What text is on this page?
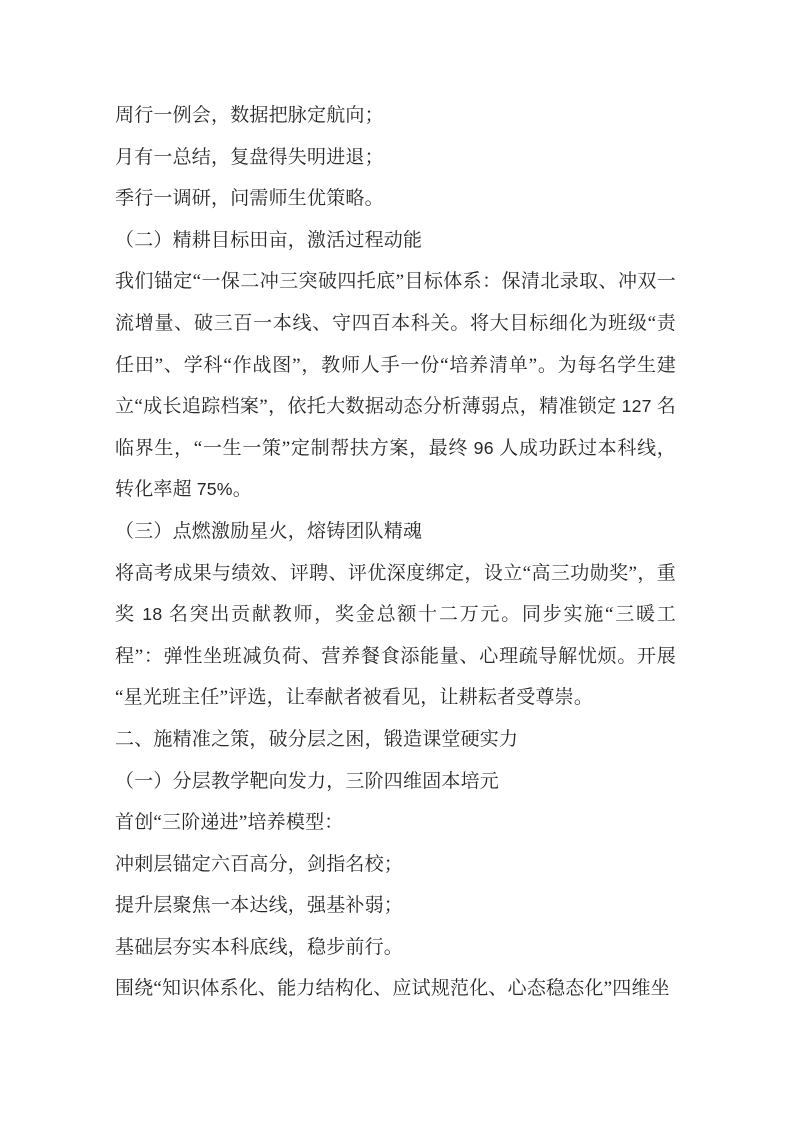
周行一例会，数据把脉定航向；

月有一总结，复盘得失明进退；

季行一调研，问需师生优策略。

（二）精耕目标田亩，激活过程动能

我们锚定“一保二冲三突破四托底”目标体系：保清北录取、冲双一流增量、破三百一本线、守四百本科关。将大目标细化为班级“责任田”、学科“作战图”，教师人手一份“培养清单”。为每名学生建立“成长追踪档案”，依托大数据动态分析薄弱点，精准锁定 127 名临界生，“一生一策”定制帮扶方案，最终 96 人成功跃过本科线，转化率超 75%。

（三）点燃激励星火，熔铸团队精魂

将高考成果与绩效、评聘、评优深度绑定，设立“高三功勋奖”，重奖 18 名突出贡献教师，奖金总额十二万元。同步实施“三暖工程”：弹性坐班减负荷、营养餐食添能量、心理疏导解忧烦。开展“星光班主任”评选，让奉献者被看见，让耕耘者受尊崇。

二、施精准之策，破分层之困，锻造课堂硬实力

（一）分层教学靶向发力，三阶四维固本培元

首创“三阶递进”培养模型：

冲刺层锚定六百高分，剑指名校；

提升层聚焦一本达线，强基补弱；

基础层夯实本科底线，稳步前行。

围绕“知识体系化、能力结构化、应试规范化、心态稳态化”四维坐
